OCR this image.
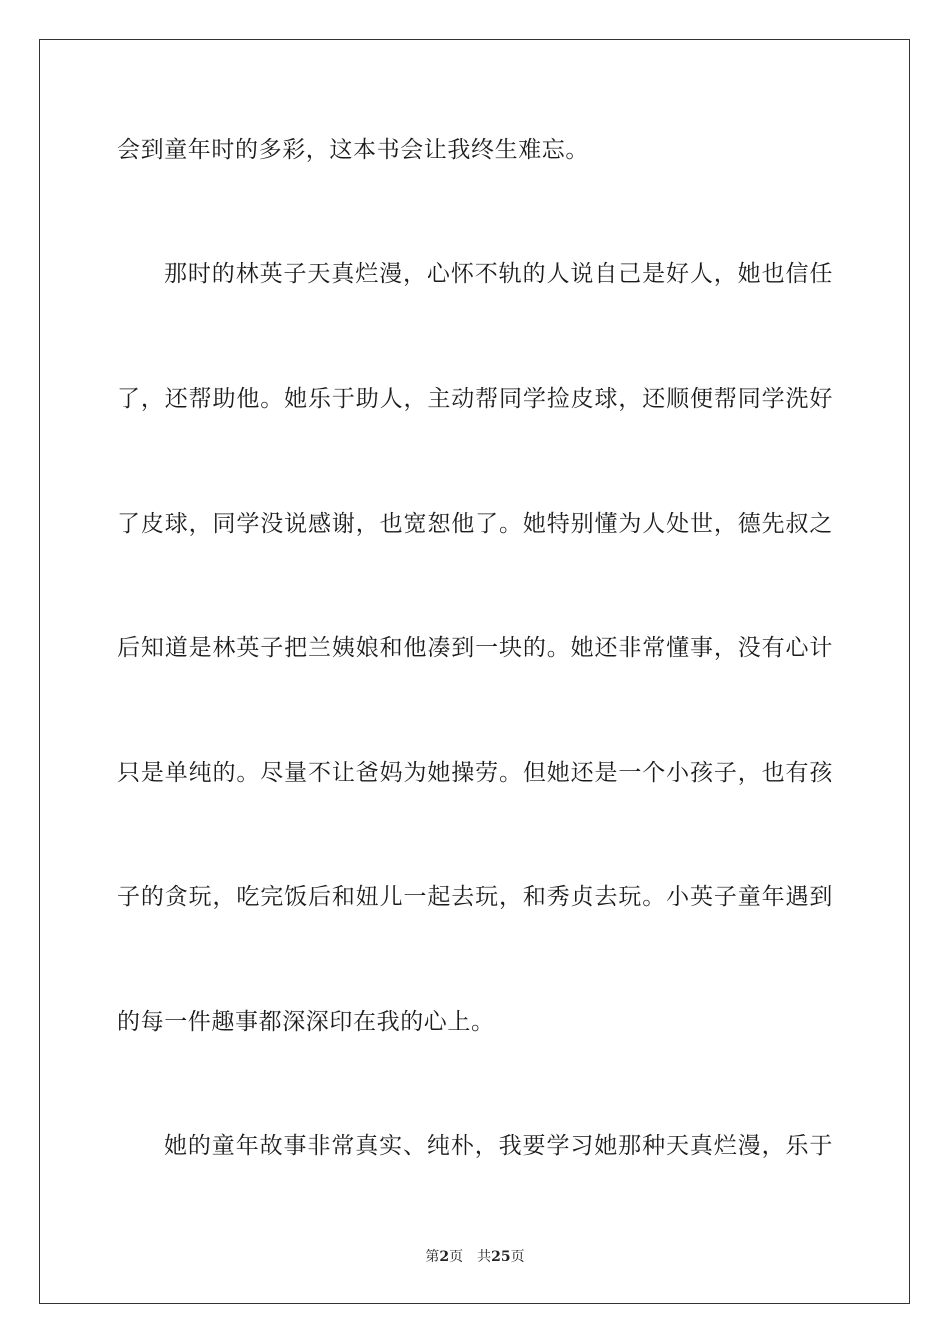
会到童年时的多彩，这本书会让我终生难忘。
那时的林英子天真烂漫，心怀不轨的人说自己是好人，她也信任
了，还帮助他。她乐于助人，主动帮同学捡皮球，还顺便帮同学洗好
了皮球，同学没说感谢，也宽恕他了。她特别懂为人处世，德先叔之
后知道是林英子把兰姨娘和他凑到一块的。她还非常懂事，没有心计
只是单纯的。尽量不让爸妈为她操劳。但她还是一个小孩子，也有孩
子的贪玩，吃完饭后和妞儿一起去玩，和秀贞去玩。小英子童年遇到
的每一件趣事都深深印在我的心上。
她的童年故事非常真实、纯朴，我要学习她那种天真烂漫，乐于
第2页 共25页
